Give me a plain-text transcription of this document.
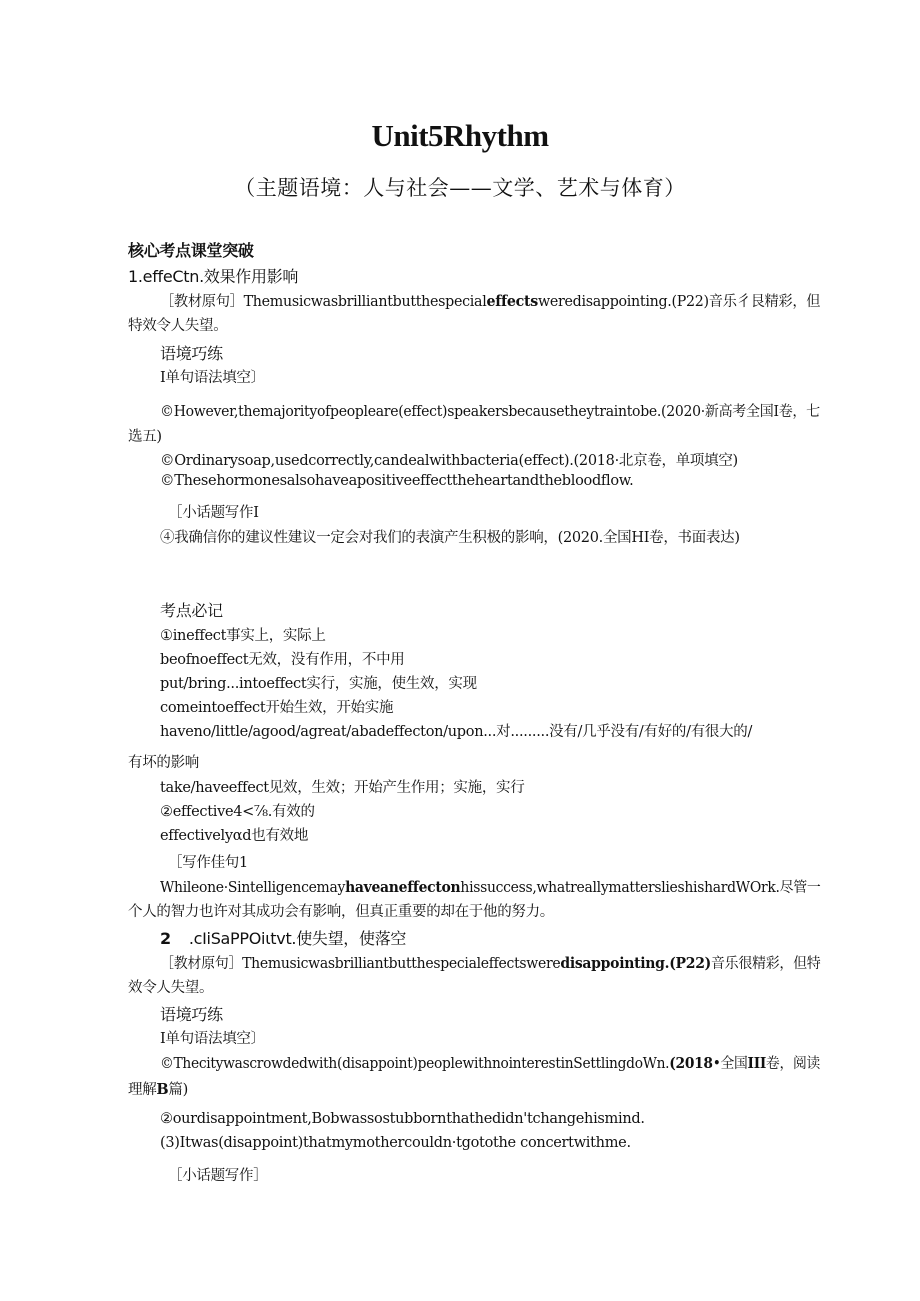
Unit5Rhythm
（主题语境：人与社会——文学、艺术与体育）
核心考点课堂突破
1.effeCtn.效果作用影响
［教材原句］Themusicwasbrilliantbutthespecialeffectsweredisappointing.(P22)音乐彳艮精彩，但
特效令人失望。
语境巧练
I单句语法填空〕
©However,themajorityofpeopleare(effect)speakersbecausetheytraintobe.(2020·新高考全国I卷，七
选五)
©Ordinarysoap,usedcorrectly,candealwithbacteria(effect).(2018·北京卷，单项填空)
©Thesehormonesalsohaveapositiveeffecttheheartandthebloodflow.
［小话题写作I
④我确信你的建议性建议一定会对我们的表演产生积极的影响，(2020.全国HI卷，书面表达)
考点必记
①ineffect事实上，实际上
beofnoeffect无效，没有作用，不中用
put/bring...intoeffect实行，实施，使生效，实现
comeintoeffect开始生效，开始实施
haveno/little/agood/agreat/abadeffecton/upon...对.........没有/几乎没有/有好的/有很大的/
有坏的影响
take/haveeffect见效，生效；开始产生作用；实施，实行
②effective4<⅞.有效的
effectivelyαd也有效地
［写作佳句1
Whileone·Sintelligencemayhaveaneffectonhissuccess,whatreallymatterslieshishardWOrk.尽管一
个人的智力也许对其成功会有影响，但真正重要的却在于他的努力。
2 .cIiSaPPOiιtvt.使失望，使落空
［教材原句］Themusicwasbrilliantbutthespecialeffectsweredisappointing.(P22)音乐很精彩，但特
效令人失望。
语境巧练
I单句语法填空〕
©Thecitywascrowdedwith(disappoint)peoplewithnointerestinSettlingdoWn.(2018•全国III卷，阅读
理解B篇)
②ourdisappointment,Bobwassostubbornthathedidn'tchangehismind.
(3)Itwas(disappoint)thatmymothercouldn·tgotothe concertwithme.
［小话题写作］
